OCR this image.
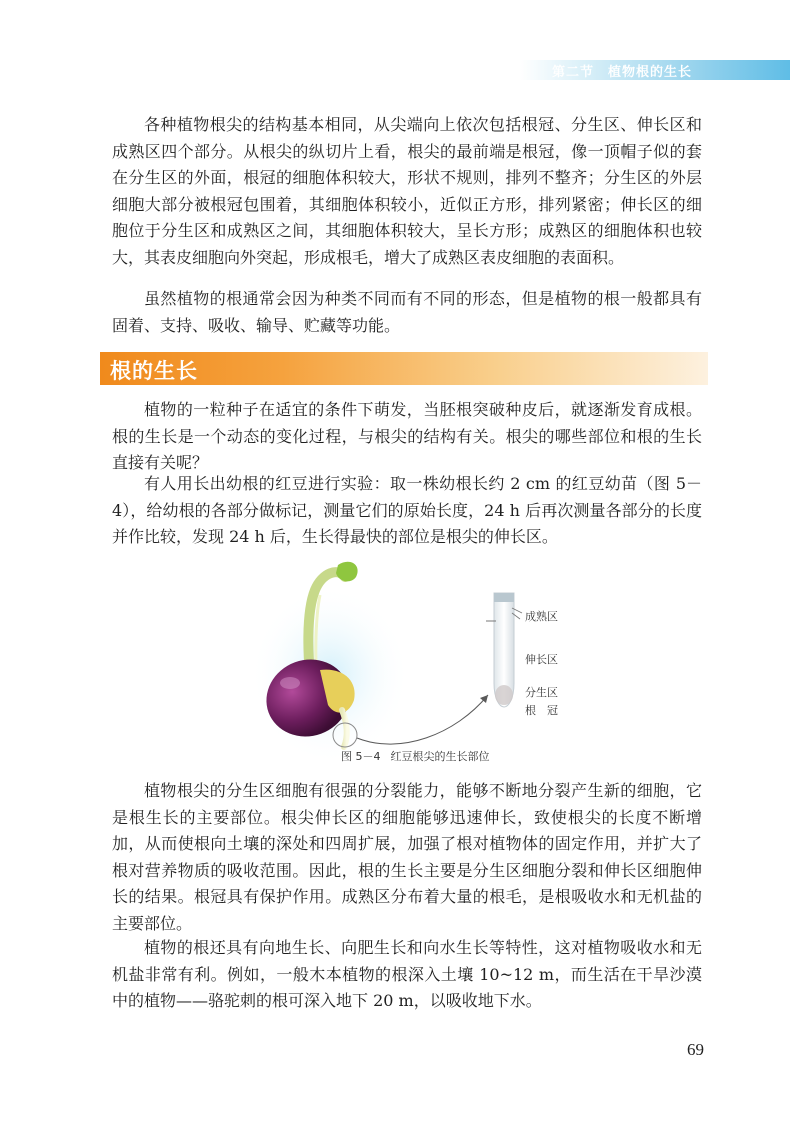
第二节 植物根的生长

各种植物根尖的结构基本相同，从尖端向上依次包括根冠、分生区、伸长区和成熟区四个部分。从根尖的纵切片上看，根尖的最前端是根冠，像一顶帽子似的套在分生区的外面，根冠的细胞体积较大，形状不规则，排列不整齐；分生区的外层细胞大部分被根冠包围着，其细胞体积较小，近似正方形，排列紧密；伸长区的细胞位于分生区和成熟区之间，其细胞体积较大，呈长方形；成熟区的细胞体积也较大，其表皮细胞向外突起，形成根毛，增大了成熟区表皮细胞的表面积。

虽然植物的根通常会因为种类不同而有不同的形态，但是植物的根一般都具有固着、支持、吸收、输导、贮藏等功能。

根的生长

植物的一粒种子在适宜的条件下萌发，当胚根突破种皮后，就逐渐发育成根。根的生长是一个动态的变化过程，与根尖的结构有关。根尖的哪些部位和根的生长直接有关呢？

有人用长出幼根的红豆进行实验：取一株幼根长约 2 cm 的红豆幼苗（图 5－4），给幼根的各部分做标记，测量它们的原始长度，24 h 后再次测量各部分的长度并作比较，发现 24 h 后，生长得最快的部位是根尖的伸长区。

成熟区
伸长区
分生区
根　冠
图 5－4 红豆根尖的生长部位

植物根尖的分生区细胞有很强的分裂能力，能够不断地分裂产生新的细胞，它是根生长的主要部位。根尖伸长区的细胞能够迅速伸长，致使根尖的长度不断增加，从而使根向土壤的深处和四周扩展，加强了根对植物体的固定作用，并扩大了根对营养物质的吸收范围。因此，根的生长主要是分生区细胞分裂和伸长区细胞伸长的结果。根冠具有保护作用。成熟区分布着大量的根毛，是根吸收水和无机盐的主要部位。

植物的根还具有向地生长、向肥生长和向水生长等特性，这对植物吸收水和无机盐非常有利。例如，一般木本植物的根深入土壤 10~12 m，而生活在干旱沙漠中的植物——骆驼刺的根可深入地下 20 m，以吸收地下水。

69
